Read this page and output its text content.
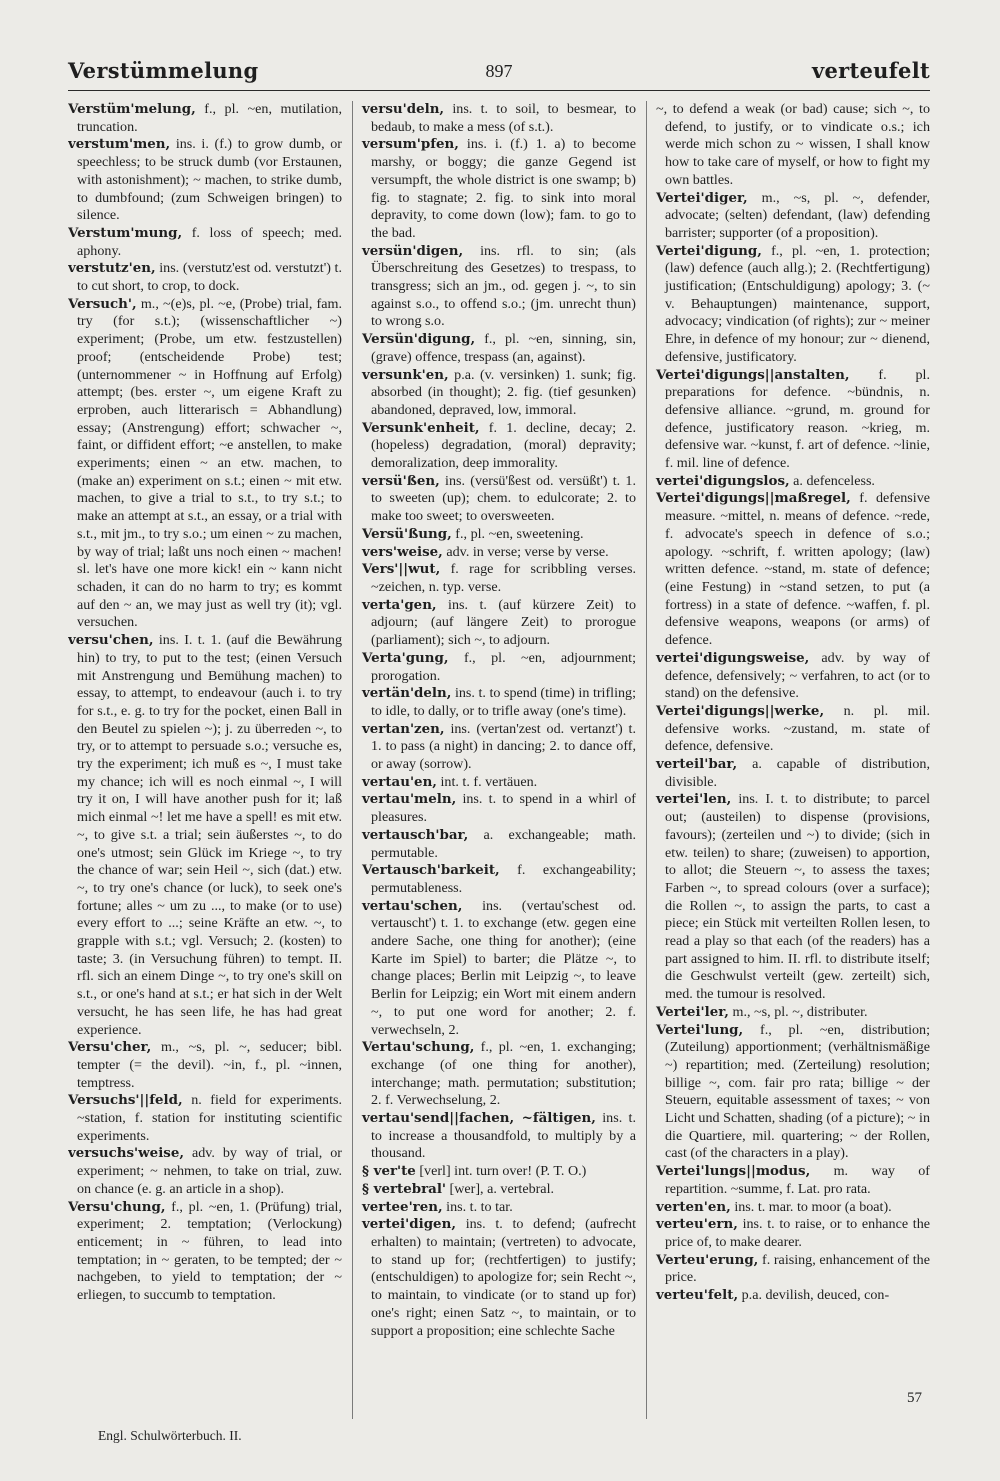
Verstümmelung	897	verteufelt

Verstüm'melung, f., pl. ~en, mutilation, truncation.

verstum'men, ins. i. (f.) to grow dumb, or speechless; to be struck dumb (vor Erstaunen, with astonishment); ~ machen, to strike dumb, to dumbfound; (zum Schweigen bringen) to silence.

Verstum'mung, f. loss of speech; med. aphony.

verstutz'en, ins. (verstutz'est od. verstutzt') t. to cut short, to crop, to dock.

Versuch', m., ~(e)s, pl. ~e, (Probe) trial, fam. try (for s.t.); (wissenschaftlicher ~) experiment; (Probe, um etw. festzustellen) proof; (entscheidende Probe) test; (unternommener ~ in Hoffnung auf Erfolg) attempt; (bes. erster ~, um eigene Kraft zu erproben, auch litterarisch = Abhandlung) essay; (Anstrengung) effort; schwacher ~, faint, or diffident effort; ~e anstellen, to make experiments; einen ~ an etw. machen, to (make an) experiment on s.t.; einen ~ mit etw. machen, to give a trial to s.t., to try s.t.; to make an attempt at s.t., an essay, or a trial with s.t., mit jm., to try s.o.; um einen ~ zu machen, by way of trial; laßt uns noch einen ~ machen! sl. let's have one more kick! ein ~ kann nicht schaden, it can do no harm to try; es kommt auf den ~ an, we may just as well try (it); vgl. versuchen.

versu'chen, ins. I. t. 1. (auf die Bewährung hin) to try, to put to the test; (einen Versuch mit Anstrengung und Bemühung machen) to essay, to attempt, to endeavour (auch i. to try for s.t., e. g. to try for the pocket, einen Ball in den Beutel zu spielen ~); j. zu überreden ~, to try, or to attempt to persuade s.o.; versuche es, try the experiment; ich muß es ~, I must take my chance; ich will es noch einmal ~, I will try it on, I will have another push for it; laß mich einmal ~! let me have a spell! es mit etw. ~, to give s.t. a trial; sein äußerstes ~, to do one's utmost; sein Glück im Kriege ~, to try the chance of war; sein Heil ~, sich (dat.) etw. ~, to try one's chance (or luck), to seek one's fortune; alles ~ um zu ..., to make (or to use) every effort to ...; seine Kräfte an etw. ~, to grapple with s.t.; vgl. Versuch; 2. (kosten) to taste; 3. (in Versuchung führen) to tempt. II. rfl. sich an einem Dinge ~, to try one's skill on s.t., or one's hand at s.t.; er hat sich in der Welt versucht, he has seen life, he has had great experience.

Versu'cher, m., ~s, pl. ~, seducer; bibl. tempter (= the devil). ~in, f., pl. ~innen, temptress.

Versuchs'||feld, n. field for experiments. ~station, f. station for instituting scientific experiments.

versuchs'weise, adv. by way of trial, or experiment; ~ nehmen, to take on trial, zuw. on chance (e. g. an article in a shop).

Versu'chung, f., pl. ~en, 1. (Prüfung) trial, experiment; 2. temptation; (Verlockung) enticement; in ~ führen, to lead into temptation; in ~ geraten, to be tempted; der ~ nachgeben, to yield to temptation; der ~ erliegen, to succumb to temptation.

versu'deln, ins. t. to soil, to besmear, to bedaub, to make a mess (of s.t.).

versum'pfen, ins. i. (f.) 1. a) to become marshy, or boggy; die ganze Gegend ist versumpft, the whole district is one swamp; b) fig. to stagnate; 2. fig. to sink into moral depravity, to come down (low); fam. to go to the bad.

versün'digen, ins. rfl. to sin; (als Überschreitung des Gesetzes) to trespass, to transgress; sich an jm., od. gegen j. ~, to sin against s.o., to offend s.o.; (jm. unrecht thun) to wrong s.o.

Versün'digung, f., pl. ~en, sinning, sin, (grave) offence, trespass (an, against).

versunk'en, p.a. (v. versinken) 1. sunk; fig. absorbed (in thought); 2. fig. (tief gesunken) abandoned, depraved, low, immoral.

Versunk'enheit, f. 1. decline, decay; 2. (hopeless) degradation, (moral) depravity; demoralization, deep immorality.

versü'ßen, ins. (versü'ßest od. versüßt') t. 1. to sweeten (up); chem. to edulcorate; 2. to make too sweet; to oversweeten.

Versü'ßung, f., pl. ~en, sweetening.

vers'weise, adv. in verse; verse by verse.

Vers'||wut, f. rage for scribbling verses. ~zeichen, n. typ. verse.

verta'gen, ins. t. (auf kürzere Zeit) to adjourn; (auf längere Zeit) to prorogue (parliament); sich ~, to adjourn.

Verta'gung, f., pl. ~en, adjournment; prorogation.

vertän'deln, ins. t. to spend (time) in trifling; to idle, to dally, or to trifle away (one's time).

vertan'zen, ins. (vertan'zest od. vertanzt') t. 1. to pass (a night) in dancing; 2. to dance off, or away (sorrow).

vertau'en, int. t. f. vertäuen.

vertau'meln, ins. t. to spend in a whirl of pleasures.

vertausch'bar, a. exchangeable; math. permutable.

Vertausch'barkeit, f. exchangeability; permutableness.

vertau'schen, ins. (vertau'schest od. vertauscht') t. 1. to exchange (etw. gegen eine andere Sache, one thing for another); (eine Karte im Spiel) to barter; die Plätze ~, to change places; Berlin mit Leipzig ~, to leave Berlin for Leipzig; ein Wort mit einem andern ~, to put one word for another; 2. f. verwechseln, 2.

Vertau'schung, f., pl. ~en, 1. exchanging; exchange (of one thing for another), interchange; math. permutation; substitution; 2. f. Verwechselung, 2.

vertau'send||fachen, ~fältigen, ins. t. to increase a thousandfold, to multiply by a thousand.

§ ver'te [verl] int. turn over! (P. T. O.)

§ vertebral' [wer], a. vertebral.

vertee'ren, ins. t. to tar.

vertei'digen, ins. t. to defend; (aufrecht erhalten) to maintain; (vertreten) to advocate, to stand up for; (rechtfertigen) to justify; (entschuldigen) to apologize for; sein Recht ~, to maintain, to vindicate (or to stand up for) one's right; einen Satz ~, to maintain, or to support a proposition; eine schlechte Sache

~, to defend a weak (or bad) cause; sich ~, to defend, to justify, or to vindicate o.s.; ich werde mich schon zu ~ wissen, I shall know how to take care of myself, or how to fight my own battles.

Vertei'diger, m., ~s, pl. ~, defender, advocate; (selten) defendant, (law) defending barrister; supporter (of a proposition).

Vertei'digung, f., pl. ~en, 1. protection; (law) defence (auch allg.); 2. (Rechtfertigung) justification; (Entschuldigung) apology; 3. (~ v. Behauptungen) maintenance, support, advocacy; vindication (of rights); zur ~ meiner Ehre, in defence of my honour; zur ~ dienend, defensive, justificatory.

Vertei'digungs||anstalten, f. pl. preparations for defence. ~bündnis, n. defensive alliance. ~grund, m. ground for defence, justificatory reason. ~krieg, m. defensive war. ~kunst, f. art of defence. ~linie, f. mil. line of defence.

vertei'digungslos, a. defenceless.

Vertei'digungs||maßregel, f. defensive measure. ~mittel, n. means of defence. ~rede, f. advocate's speech in defence of s.o.; apology. ~schrift, f. written apology; (law) written defence. ~stand, m. state of defence; (eine Festung) in ~stand setzen, to put (a fortress) in a state of defence. ~waffen, f. pl. defensive weapons, weapons (or arms) of defence.

vertei'digungsweise, adv. by way of defence, defensively; ~ verfahren, to act (or to stand) on the defensive.

Vertei'digungs||werke, n. pl. mil. defensive works. ~zustand, m. state of defence, defensive.

verteil'bar, a. capable of distribution, divisible.

vertei'len, ins. I. t. to distribute; to parcel out; (austeilen) to dispense (provisions, favours); (zerteilen und ~) to divide; (sich in etw. teilen) to share; (zuweisen) to apportion, to allot; die Steuern ~, to assess the taxes; Farben ~, to spread colours (over a surface); die Rollen ~, to assign the parts, to cast a piece; ein Stück mit verteilten Rollen lesen, to read a play so that each (of the readers) has a part assigned to him. II. rfl. to distribute itself; die Geschwulst verteilt (gew. zerteilt) sich, med. the tumour is resolved.

Vertei'ler, m., ~s, pl. ~, distributer.

Vertei'lung, f., pl. ~en, distribution; (Zuteilung) apportionment; (verhältnismäßige ~) repartition; med. (Zerteilung) resolution; billige ~, com. fair pro rata; billige ~ der Steuern, equitable assessment of taxes; ~ von Licht und Schatten, shading (of a picture); ~ in die Quartiere, mil. quartering; ~ der Rollen, cast (of the characters in a play).

Vertei'lungs||modus, m. way of repartition. ~summe, f. Lat. pro rata.

verten'en, ins. t. mar. to moor (a boat).

verteu'ern, ins. t. to raise, or to enhance the price of, to make dearer.

Verteu'erung, f. raising, enhancement of the price.

verteu'felt, p.a. devilish, deuced, con-

Engl. Schulwörterbuch. II.
57
